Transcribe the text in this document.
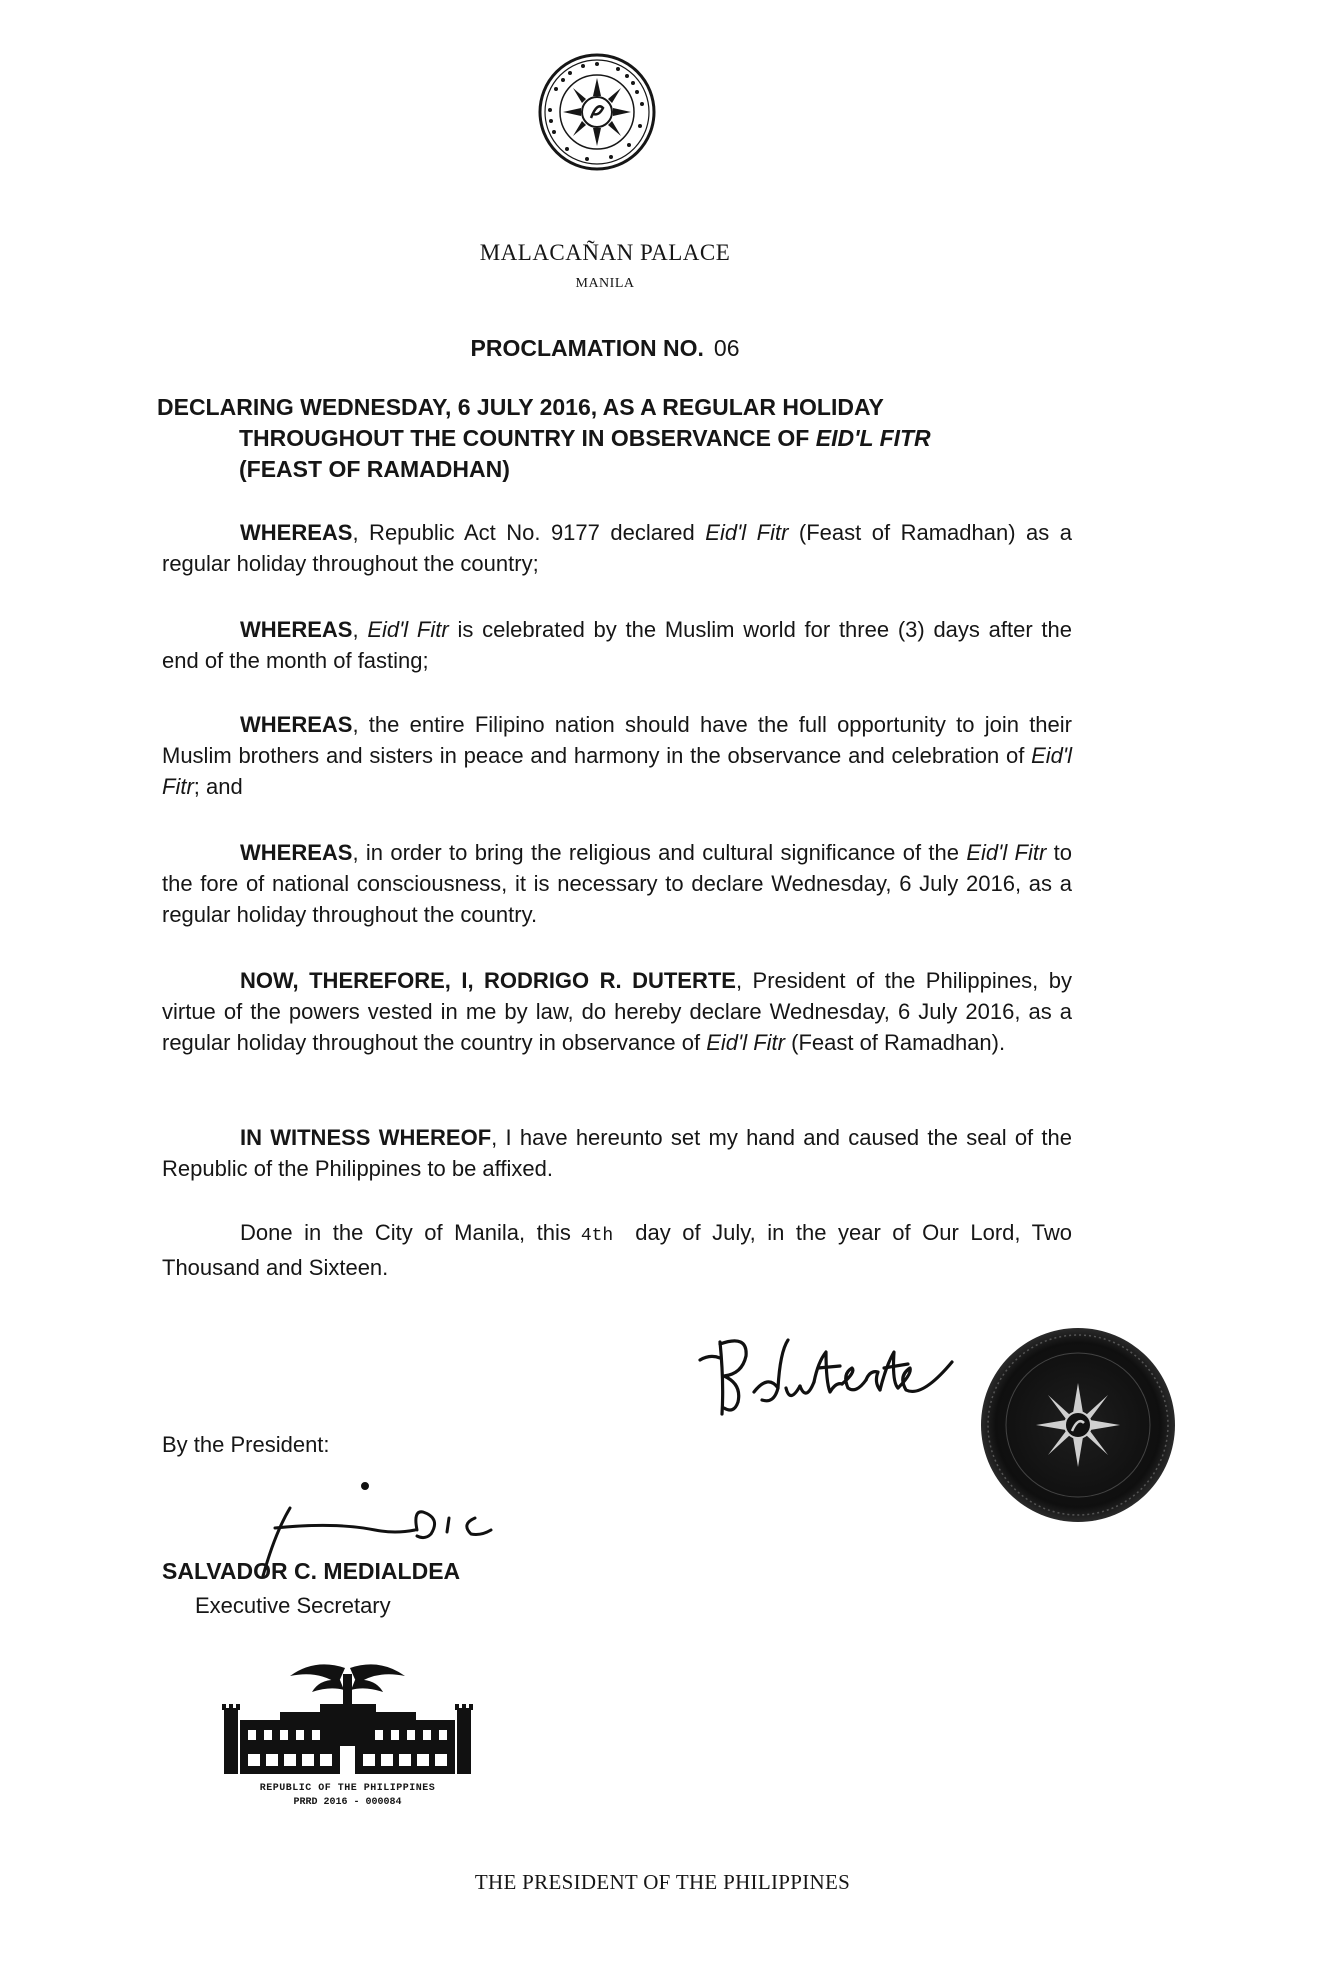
MALACAÑAN PALACE
MANILA
PROCLAMATION NO. 06
DECLARING WEDNESDAY, 6 JULY 2016, AS A REGULAR HOLIDAY
THROUGHOUT THE COUNTRY IN OBSERVANCE OF EID'L FITR
(FEAST OF RAMADHAN)
WHEREAS, Republic Act No. 9177 declared Eid'l Fitr (Feast of Ramadhan) as a regular holiday throughout the country;
WHEREAS, Eid'l Fitr is celebrated by the Muslim world for three (3) days after the end of the month of fasting;
WHEREAS, the entire Filipino nation should have the full opportunity to join their Muslim brothers and sisters in peace and harmony in the observance and celebration of Eid'l Fitr; and
WHEREAS, in order to bring the religious and cultural significance of the Eid'l Fitr to the fore of national consciousness, it is necessary to declare Wednesday, 6 July 2016, as a regular holiday throughout the country.
NOW, THEREFORE, I, RODRIGO R. DUTERTE, President of the Philippines, by virtue of the powers vested in me by law, do hereby declare Wednesday, 6 July 2016, as a regular holiday throughout the country in observance of Eid'l Fitr (Feast of Ramadhan).
IN WITNESS WHEREOF, I have hereunto set my hand and caused the seal of the Republic of the Philippines to be affixed.
Done in the City of Manila, this 4th day of July, in the year of Our Lord, Two Thousand and Sixteen.
By the President:
SALVADOR C. MEDIALDEA
Executive Secretary
REPUBLIC OF THE PHILIPPINES
PRRD 2016 - 000084
THE PRESIDENT OF THE PHILIPPINES
